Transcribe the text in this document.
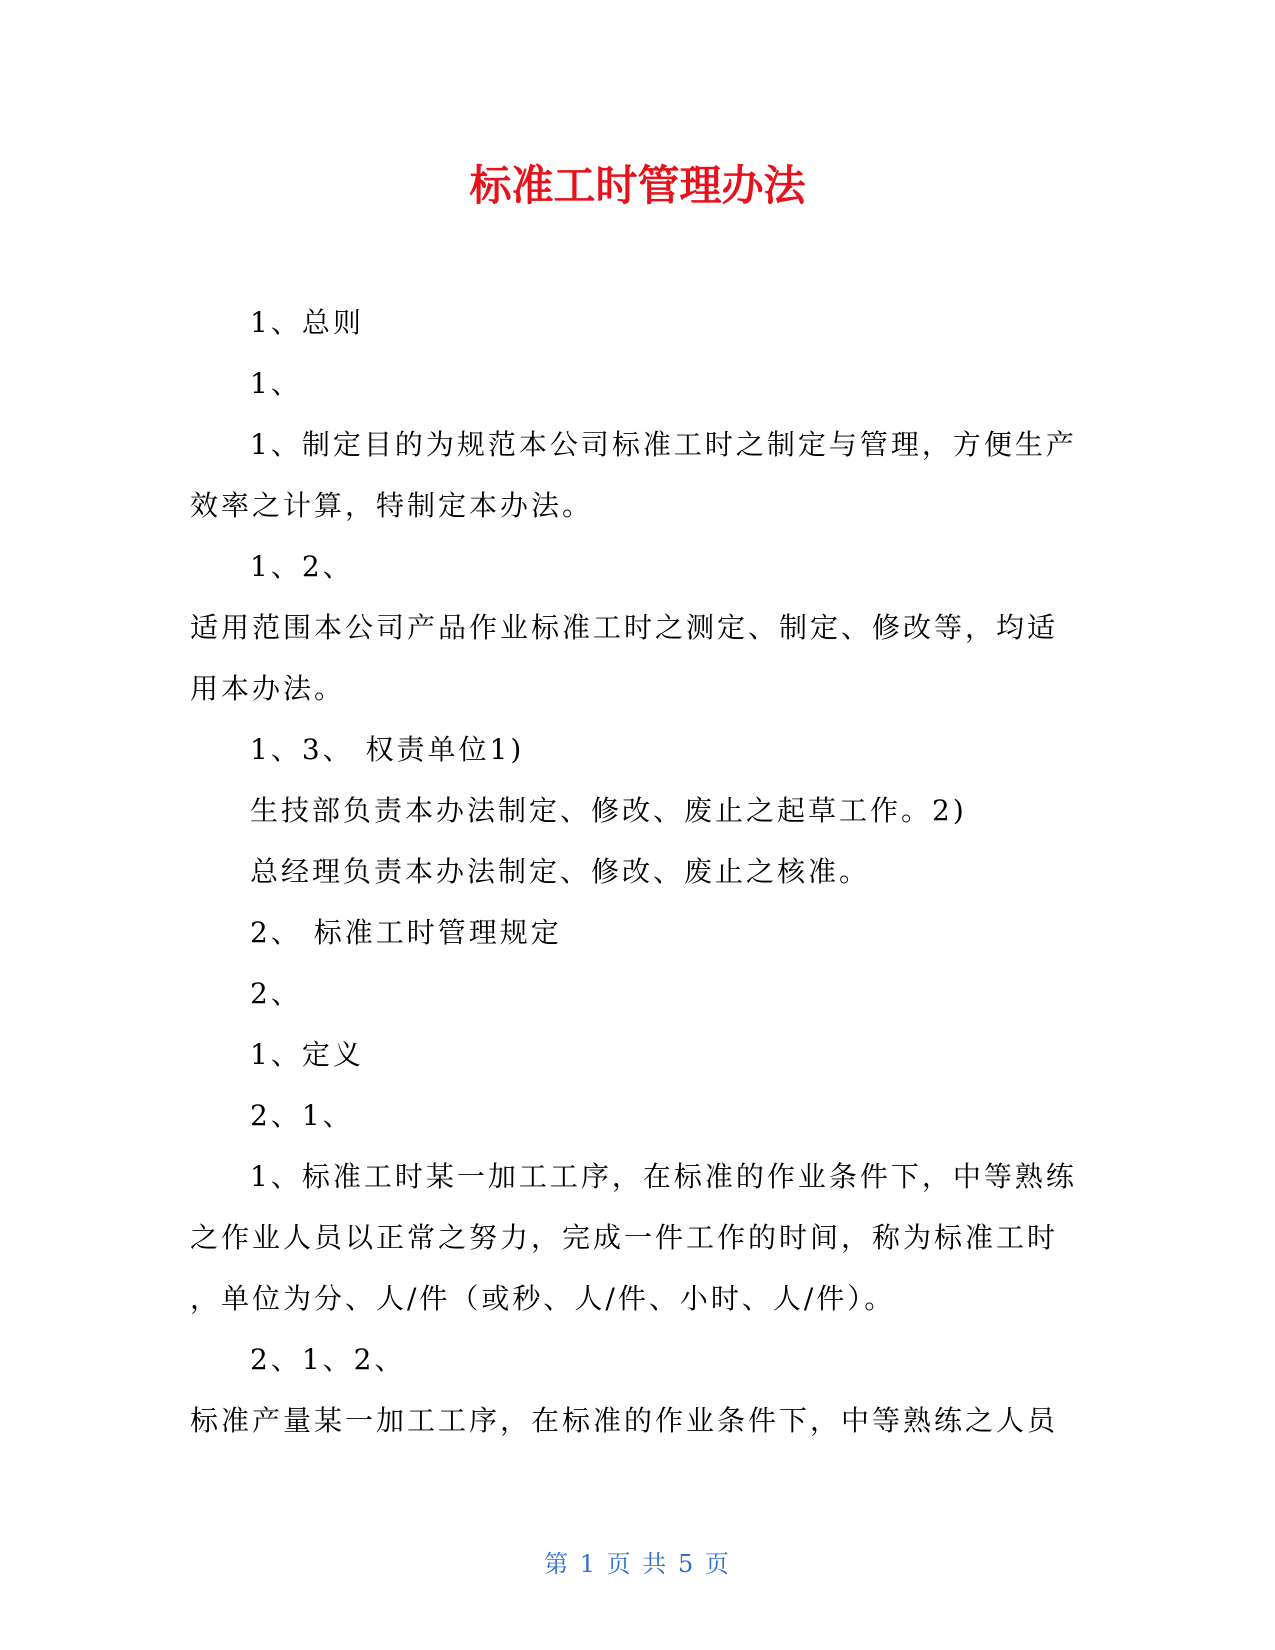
标准工时管理办法

1、总则

1、

1、制定目的为规范本公司标准工时之制定与管理，方便生产

效率之计算，特制定本办法。

1、2、

适用范围本公司产品作业标准工时之测定、制定、修改等，均适

用本办法。

1、3、 权责单位1)

生技部负责本办法制定、修改、废止之起草工作。2)

总经理负责本办法制定、修改、废止之核准。

2、 标准工时管理规定

2、

1、定义

2、1、

1、标准工时某一加工工序，在标准的作业条件下，中等熟练

之作业人员以正常之努力，完成一件工作的时间，称为标准工时

，单位为分、人/件（或秒、人/件、小时、人/件）。

2、1、2、

标准产量某一加工工序，在标准的作业条件下，中等熟练之人员

第 1 页 共 5 页
